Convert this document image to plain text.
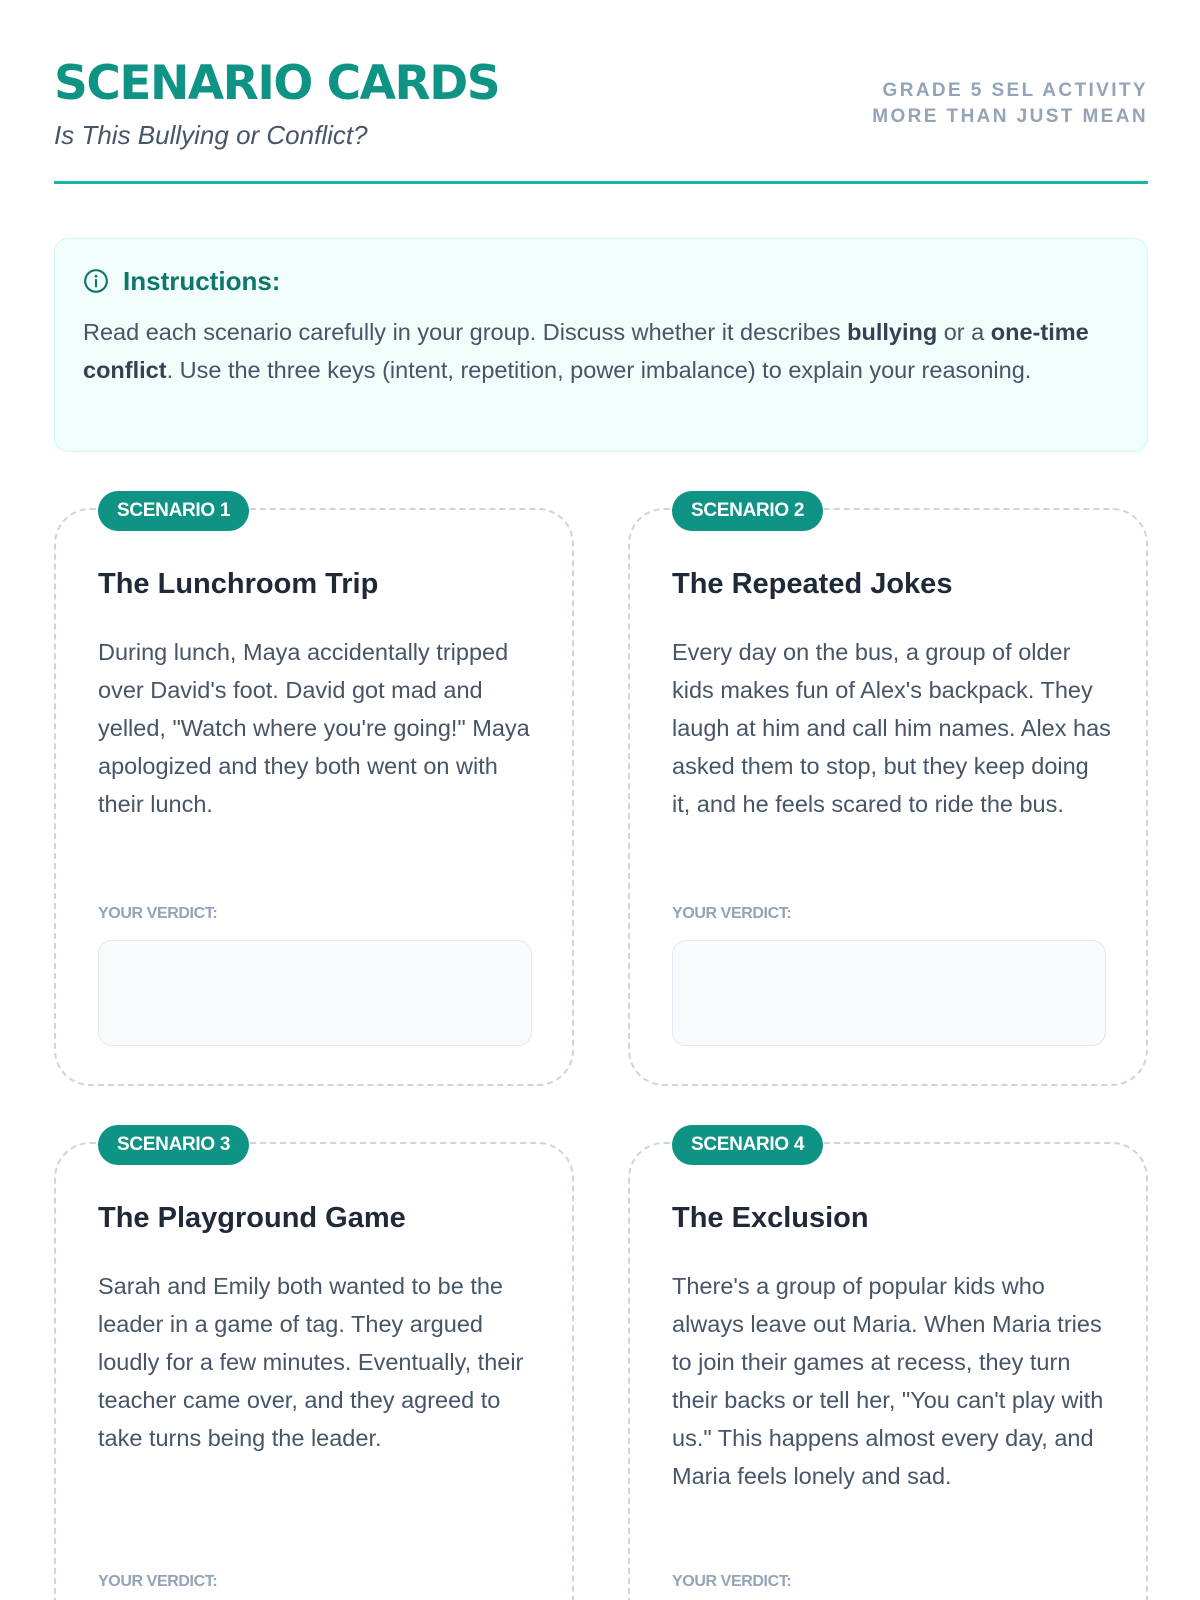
SCENARIO CARDS
Is This Bullying or Conflict?
GRADE 5 SEL ACTIVITY
MORE THAN JUST MEAN
Instructions:

Read each scenario carefully in your group. Discuss whether it describes bullying or a one-time conflict. Use the three keys (intent, repetition, power imbalance) to explain your reasoning.

SCENARIO 1
The Lunchroom Trip

During lunch, Maya accidentally tripped over David's foot. David got mad and yelled, "Watch where you're going!" Maya apologized and they both went on with their lunch.

YOUR VERDICT:
SCENARIO 2
The Repeated Jokes

Every day on the bus, a group of older kids makes fun of Alex's backpack. They laugh at him and call him names. Alex has asked them to stop, but they keep doing it, and he feels scared to ride the bus.

YOUR VERDICT:
SCENARIO 3
The Playground Game

Sarah and Emily both wanted to be the leader in a game of tag. They argued loudly for a few minutes. Eventually, their teacher came over, and they agreed to take turns being the leader.

YOUR VERDICT:
SCENARIO 4
The Exclusion

There's a group of popular kids who always leave out Maria. When Maria tries to join their games at recess, they turn their backs or tell her, "You can't play with us." This happens almost every day, and Maria feels lonely and sad.

YOUR VERDICT:
